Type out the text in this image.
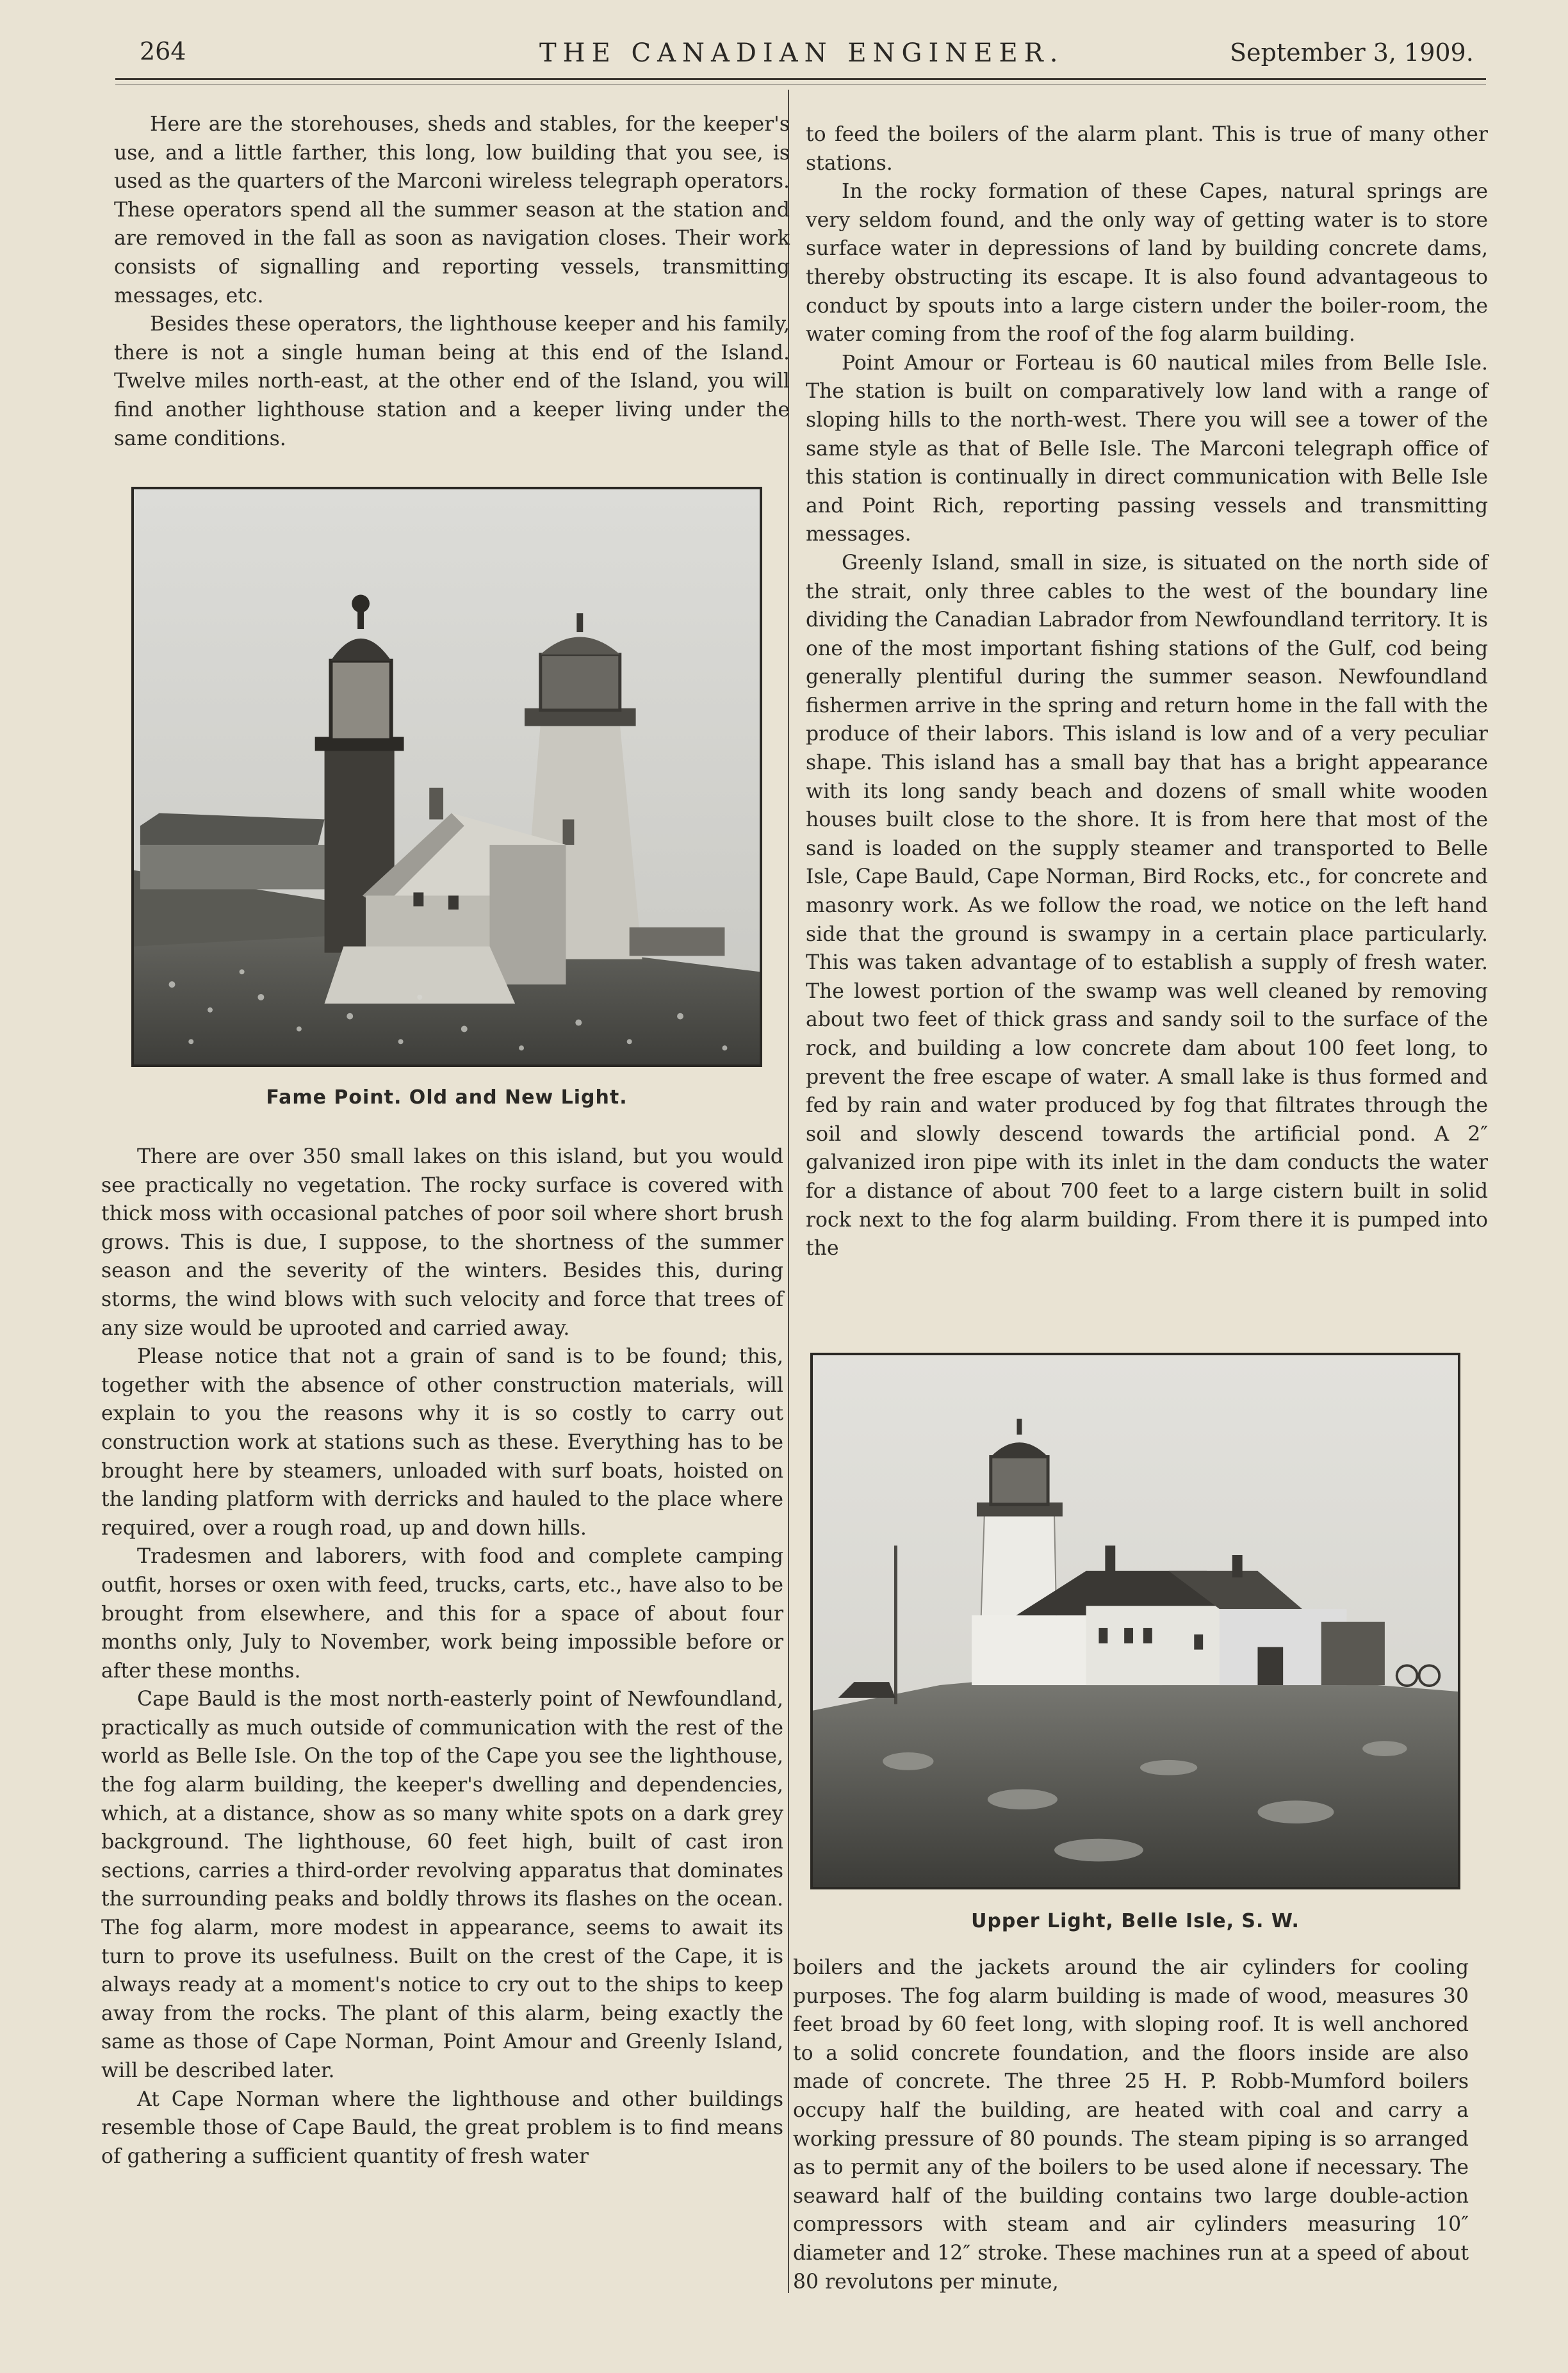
264	THE CANADIAN ENGINEER.	September 3, 1909.

Here are the storehouses, sheds and stables, for the keeper's use, and a little farther, this long, low building that you see, is used as the quarters of the Marconi wireless telegraph operators. These operators spend all the summer season at the station and are removed in the fall as soon as navigation closes. Their work consists of signalling and reporting vessels, transmitting messages, etc.

Besides these operators, the lighthouse keeper and his family, there is not a single human being at this end of the Island. Twelve miles north-east, at the other end of the Island, you will find another lighthouse station and a keeper living under the same conditions.

Fame Point. Old and New Light.

There are over 350 small lakes on this island, but you would see practically no vegetation. The rocky surface is covered with thick moss with occasional patches of poor soil where short brush grows. This is due, I suppose, to the shortness of the summer season and the severity of the winters. Besides this, during storms, the wind blows with such velocity and force that trees of any size would be uprooted and carried away.

Please notice that not a grain of sand is to be found; this, together with the absence of other construction materials, will explain to you the reasons why it is so costly to carry out construction work at stations such as these. Everything has to be brought here by steamers, unloaded with surf boats, hoisted on the landing platform with derricks and hauled to the place where required, over a rough road, up and down hills.

Tradesmen and laborers, with food and complete camping outfit, horses or oxen with feed, trucks, carts, etc., have also to be brought from elsewhere, and this for a space of about four months only, July to November, work being impossible before or after these months.

Cape Bauld is the most north-easterly point of Newfoundland, practically as much outside of communication with the rest of the world as Belle Isle. On the top of the Cape you see the lighthouse, the fog alarm building, the keeper's dwelling and dependencies, which, at a distance, show as so many white spots on a dark grey background. The lighthouse, 60 feet high, built of cast iron sections, carries a third-order revolving apparatus that dominates the surrounding peaks and boldly throws its flashes on the ocean. The fog alarm, more modest in appearance, seems to await its turn to prove its usefulness. Built on the crest of the Cape, it is always ready at a moment's notice to cry out to the ships to keep away from the rocks. The plant of this alarm, being exactly the same as those of Cape Norman, Point Amour and Greenly Island, will be described later.

At Cape Norman where the lighthouse and other buildings resemble those of Cape Bauld, the great problem is to find means of gathering a sufficient quantity of fresh water

to feed the boilers of the alarm plant. This is true of many other stations.

In the rocky formation of these Capes, natural springs are very seldom found, and the only way of getting water is to store surface water in depressions of land by building concrete dams, thereby obstructing its escape. It is also found advantageous to conduct by spouts into a large cistern under the boiler-room, the water coming from the roof of the fog alarm building.

Point Amour or Forteau is 60 nautical miles from Belle Isle. The station is built on comparatively low land with a range of sloping hills to the north-west. There you will see a tower of the same style as that of Belle Isle. The Marconi telegraph office of this station is continually in direct communication with Belle Isle and Point Rich, reporting passing vessels and transmitting messages.

Greenly Island, small in size, is situated on the north side of the strait, only three cables to the west of the boundary line dividing the Canadian Labrador from Newfoundland territory. It is one of the most important fishing stations of the Gulf, cod being generally plentiful during the summer season. Newfoundland fishermen arrive in the spring and return home in the fall with the produce of their labors. This island is low and of a very peculiar shape. This island has a small bay that has a bright appearance with its long sandy beach and dozens of small white wooden houses built close to the shore. It is from here that most of the sand is loaded on the supply steamer and transported to Belle Isle, Cape Bauld, Cape Norman, Bird Rocks, etc., for concrete and masonry work. As we follow the road, we notice on the left hand side that the ground is swampy in a certain place particularly. This was taken advantage of to establish a supply of fresh water. The lowest portion of the swamp was well cleaned by removing about two feet of thick grass and sandy soil to the surface of the rock, and building a low concrete dam about 100 feet long, to prevent the free escape of water. A small lake is thus formed and fed by rain and water produced by fog that filtrates through the soil and slowly descend towards the artificial pond. A 2″ galvanized iron pipe with its inlet in the dam conducts the water for a distance of about 700 feet to a large cistern built in solid rock next to the fog alarm building. From there it is pumped into the

Upper Light, Belle Isle, S. W.

boilers and the jackets around the air cylinders for cooling purposes. The fog alarm building is made of wood, measures 30 feet broad by 60 feet long, with sloping roof. It is well anchored to a solid concrete foundation, and the floors inside are also made of concrete. The three 25 H. P. Robb-Mumford boilers occupy half the building, are heated with coal and carry a working pressure of 80 pounds. The steam piping is so arranged as to permit any of the boilers to be used alone if necessary. The seaward half of the building contains two large double-action compressors with steam and air cylinders measuring 10″ diameter and 12″ stroke. These machines run at a speed of about 80 revolutons per minute,
